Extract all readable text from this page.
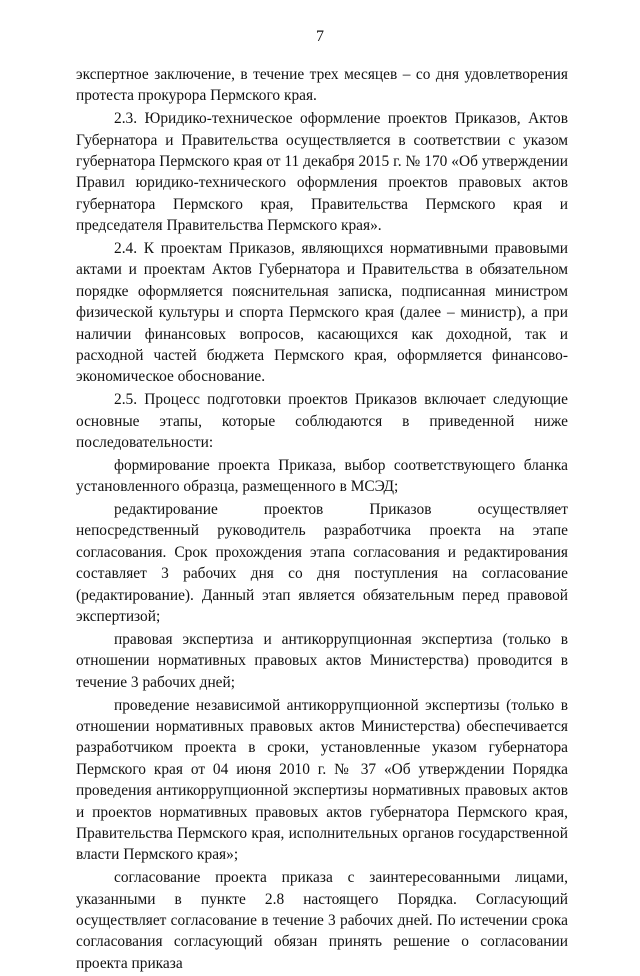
7

экспертное заключение, в течение трех месяцев – со дня удовлетворения протеста прокурора Пермского края.

2.3. Юридико-техническое оформление проектов Приказов, Актов Губернатора и Правительства осуществляется в соответствии с указом губернатора Пермского края от 11 декабря 2015 г. № 170 «Об утверждении Правил юридико-технического оформления проектов правовых актов губернатора Пермского края, Правительства Пермского края и председателя Правительства Пермского края».

2.4. К проектам Приказов, являющихся нормативными правовыми актами и проектам Актов Губернатора и Правительства в обязательном порядке оформляется пояснительная записка, подписанная министром физической культуры и спорта Пермского края (далее – министр), а при наличии финансовых вопросов, касающихся как доходной, так и расходной частей бюджета Пермского края, оформляется финансово-экономическое обоснование.

2.5. Процесс подготовки проектов Приказов включает следующие основные этапы, которые соблюдаются в приведенной ниже последовательности:

формирование проекта Приказа, выбор соответствующего бланка установленного образца, размещенного в МСЭД;

редактирование проектов Приказов осуществляет непосредственный руководитель разработчика проекта на этапе согласования. Срок прохождения этапа согласования и редактирования составляет 3 рабочих дня со дня поступления на согласование (редактирование). Данный этап является обязательным перед правовой экспертизой;

правовая экспертиза и антикоррупционная экспертиза (только в отношении нормативных правовых актов Министерства) проводится в течение 3 рабочих дней;

проведение независимой антикоррупционной экспертизы (только в отношении нормативных правовых актов Министерства) обеспечивается разработчиком проекта в сроки, установленные указом губернатора Пермского края от 04 июня 2010 г. № 37 «Об утверждении Порядка проведения антикоррупционной экспертизы нормативных правовых актов и проектов нормативных правовых актов губернатора Пермского края, Правительства Пермского края, исполнительных органов государственной власти Пермского края»;

согласование проекта приказа с заинтересованными лицами, указанными в пункте 2.8 настоящего Порядка. Согласующий осуществляет согласование в течение 3 рабочих дней. По истечении срока согласования согласующий обязан принять решение о согласовании проекта приказа
